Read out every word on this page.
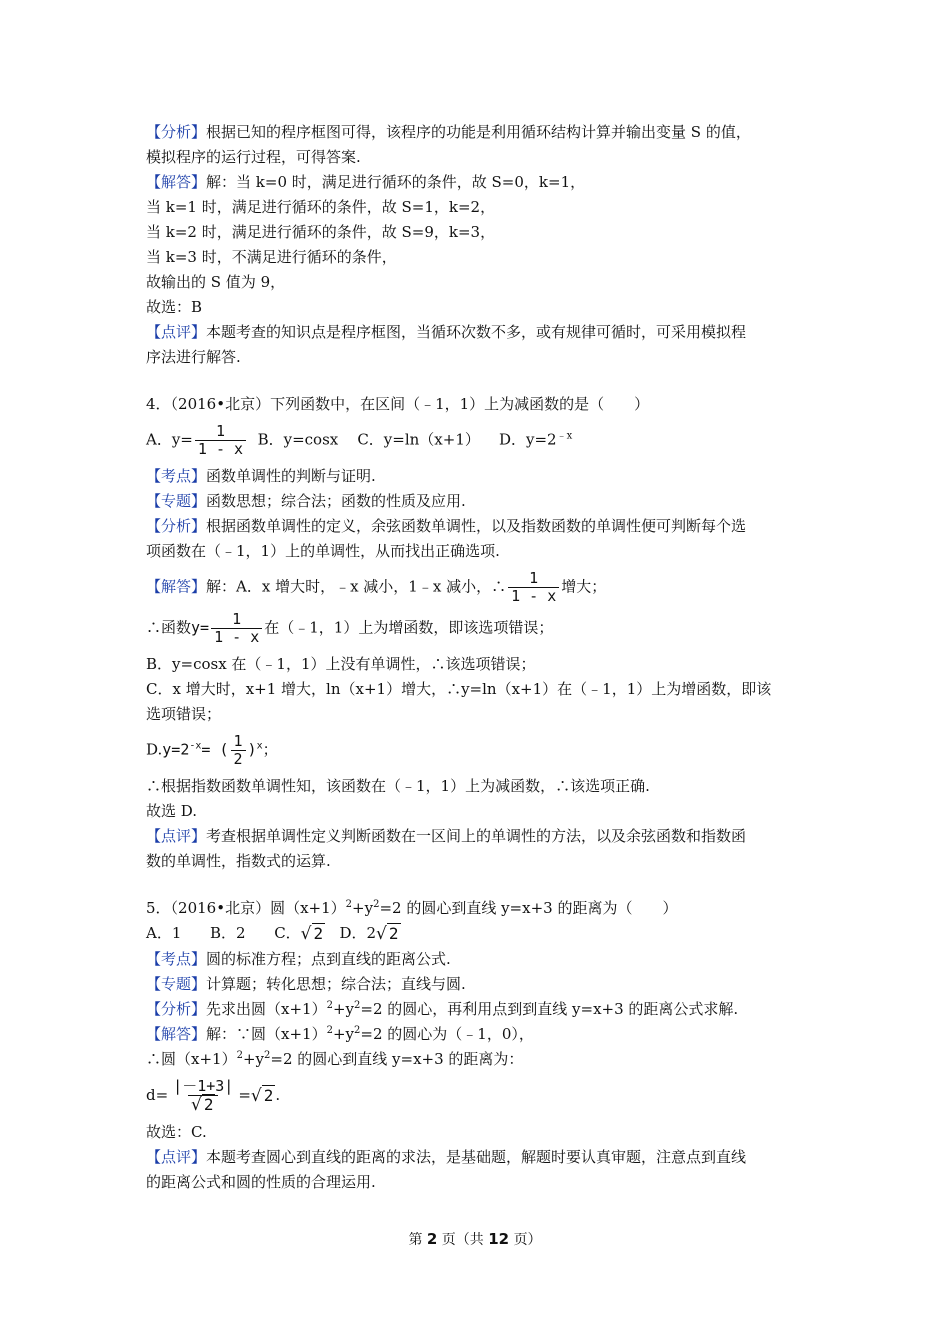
【分析】根据已知的程序框图可得，该程序的功能是利用循环结构计算并输出变量 S 的值，

模拟程序的运行过程，可得答案.

【解答】解：当 k=0 时，满足进行循环的条件，故 S=0，k=1，

当 k=1 时，满足进行循环的条件，故 S=1，k=2，

当 k=2 时，满足进行循环的条件，故 S=9，k=3，

当 k=3 时，不满足进行循环的条件，

故输出的 S 值为 9，

故选：B

【点评】本题考查的知识点是程序框图，当循环次数不多，或有规律可循时，可采用模拟程

序法进行解答.

4．（2016•北京）下列函数中，在区间（﹣1，1）上为减函数的是（　　）

A．$y= \frac{1}{1 - x}$ B．y=cosx C．y=ln（x+1） D．$y=2^{﹣x}$

【考点】函数单调性的判断与证明.

【专题】函数思想；综合法；函数的性质及应用.

【分析】根据函数单调性的定义，余弦函数单调性，以及指数函数的单调性便可判断每个选

项函数在（﹣1，1）上的单调性，从而找出正确选项.

【解答】解：A．x 增大时，﹣x 减小，1﹣x 减小，∴ $\frac{1}{1 - x}$ 增大；

∴函数$y= \frac{1}{1 - x}$ 在（﹣1，1）上为增函数，即该选项错误；

B．y=cosx 在（﹣1，1）上没有单调性，∴该选项错误；

C．x 增大时，x+1 增大，ln（x+1）增大，∴y=ln（x+1）在（﹣1，1）上为增函数，即该

选项错误；

$D.y=2^{-x}=$ ( $\frac{1}{2} )^x$；

∴根据指数函数单调性知，该函数在（﹣1，1）上为减函数，∴该选项正确.

故选 D.

【点评】考查根据单调性定义判断函数在一区间上的单调性的方法，以及余弦函数和指数函

数的单调性，指数式的运算.

5．（2016•北京）圆$(x+1)^2+y^2=2$ 的圆心到直线 y=x+3 的距离为（　　）

A．1 B．2 C．√ 2 D．2√ 2

【考点】圆的标准方程；点到直线的距离公式.

【专题】计算题；转化思想；综合法；直线与圆.

【分析】先求出圆$(x+1)^2+y^2=2$ 的圆心，再利用点到到直线 y=x+3 的距离公式求解.

【解答】解：∵圆$(x+1)^2+y^2=2$ 的圆心为（﹣1，0），

∴圆$(x+1)^2+y^2=2$ 的圆心到直线 y=x+3 的距离为：

$d= \frac{|-1+3|}{√ 2}$ =√ 2 .

故选：C.

【点评】本题考查圆心到直线的距离的求法，是基础题，解题时要认真审题，注意点到直线

的距离公式和圆的性质的合理运用.

第 2 页（共 12 页）
